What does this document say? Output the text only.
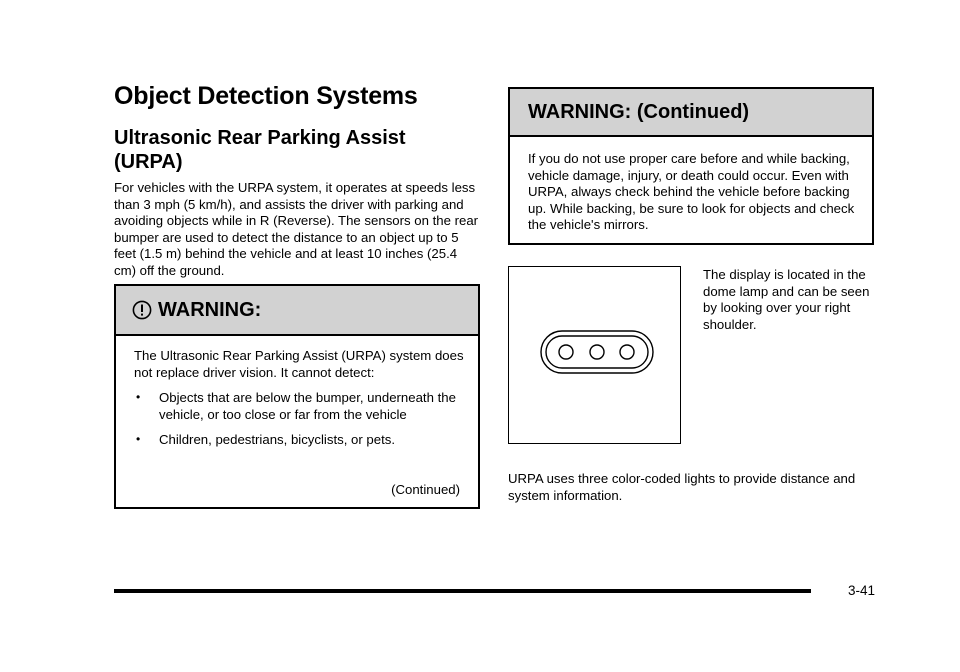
Object Detection Systems
Ultrasonic Rear Parking Assist (URPA)
For vehicles with the URPA system, it operates at speeds less than 3 mph (5 km/h), and assists the driver with parking and avoiding objects while in R (Reverse). The sensors on the rear bumper are used to detect the distance to an object up to 5 feet (1.5 m) behind the vehicle and at least 10 inches (25.4 cm) off the ground.
WARNING:
The Ultrasonic Rear Parking Assist (URPA) system does not replace driver vision. It cannot detect:
• Objects that are below the bumper, underneath the vehicle, or too close or far from the vehicle
• Children, pedestrians, bicyclists, or pets.
(Continued)
WARNING: (Continued)
If you do not use proper care before and while backing, vehicle damage, injury, or death could occur. Even with URPA, always check behind the vehicle before backing up. While backing, be sure to look for objects and check the vehicle's mirrors.
The display is located in the dome lamp and can be seen by looking over your right shoulder.
URPA uses three color-coded lights to provide distance and system information.
3-41
